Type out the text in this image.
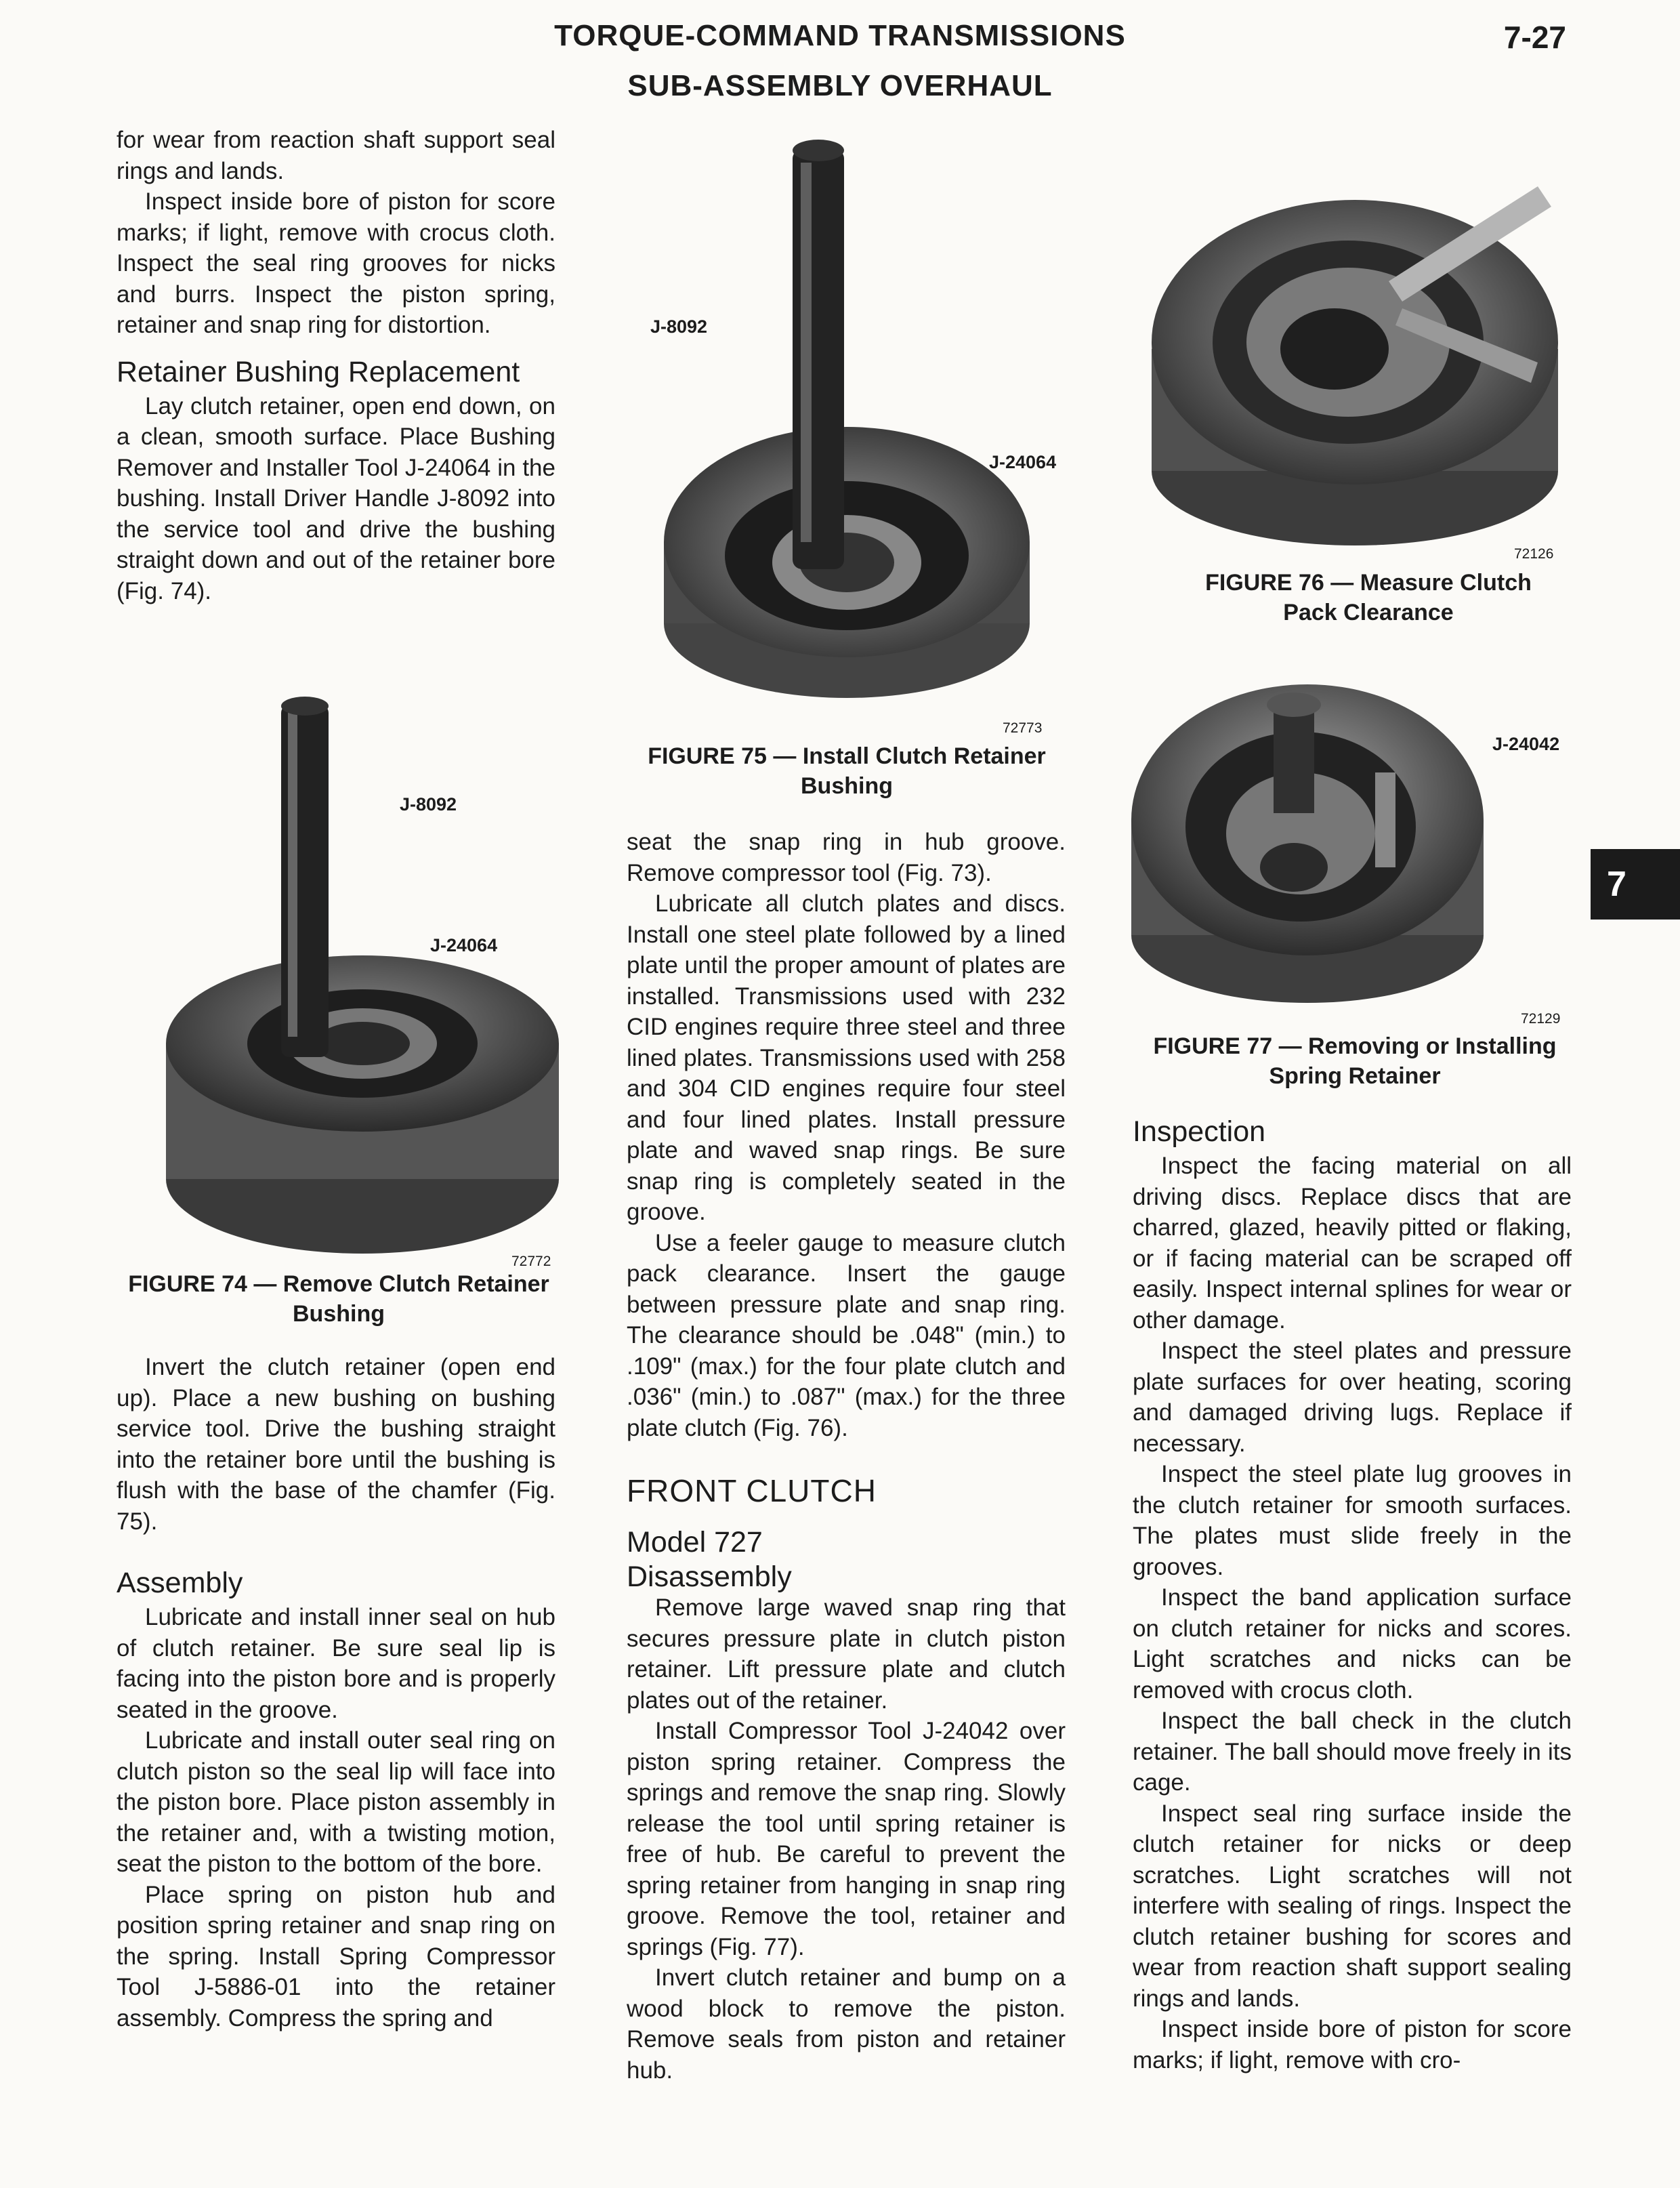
TORQUE-COMMAND TRANSMISSIONS
SUB-ASSEMBLY OVERHAUL
7-27
7

for wear from reaction shaft support seal rings and lands.

Inspect inside bore of piston for score marks; if light, remove with crocus cloth. Inspect the seal ring grooves for nicks and burrs. Inspect the piston spring, retainer and snap ring for distortion.

Retainer Bushing Replacement

Lay clutch retainer, open end down, on a clean, smooth surface. Place Bushing Remover and Installer Tool J-24064 in the bushing. Install Driver Handle J-8092 into the service tool and drive the bushing straight down and out of the retainer bore (Fig. 74).

J-8092
J-24064
72772
FIGURE 74 — Remove Clutch Retainer
Bushing

Invert the clutch retainer (open end up). Place a new bushing on bushing service tool. Drive the bushing straight into the retainer bore until the bushing is flush with the base of the chamfer (Fig. 75).

Assembly

Lubricate and install inner seal on hub of clutch retainer. Be sure seal lip is facing into the piston bore and is properly seated in the groove.

Lubricate and install outer seal ring on clutch piston so the seal lip will face into the piston bore. Place piston assembly in the retainer and, with a twisting motion, seat the piston to the bottom of the bore.

Place spring on piston hub and position spring retainer and snap ring on the spring. Install Spring Compressor Tool J-5886-01 into the retainer assembly. Compress the spring and

J-8092
J-24064
72773
FIGURE 75 — Install Clutch Retainer
Bushing

seat the snap ring in hub groove. Remove compressor tool (Fig. 73).

Lubricate all clutch plates and discs. Install one steel plate followed by a lined plate until the proper amount of plates are installed. Transmissions used with 232 CID engines require three steel and three lined plates. Transmissions used with 258 and 304 CID engines require four steel and four lined plates. Install pressure plate and waved snap rings. Be sure snap ring is completely seated in the groove.

Use a feeler gauge to measure clutch pack clearance. Insert the gauge between pressure plate and snap ring. The clearance should be .048" (min.) to .109" (max.) for the four plate clutch and .036" (min.) to .087" (max.) for the three plate clutch (Fig. 76).

FRONT CLUTCH
Model 727
Disassembly

Remove large waved snap ring that secures pressure plate in clutch piston retainer. Lift pressure plate and clutch plates out of the retainer.

Install Compressor Tool J-24042 over piston spring retainer. Compress the springs and remove the snap ring. Slowly release the tool until spring retainer is free of hub. Be careful to prevent the spring retainer from hanging in snap ring groove. Remove the tool, retainer and springs (Fig. 77).

Invert clutch retainer and bump on a wood block to remove the piston. Remove seals from piston and retainer hub.

72126
FIGURE 76 — Measure Clutch
Pack Clearance
J-24042
72129
FIGURE 77 — Removing or Installing
Spring Retainer
Inspection

Inspect the facing material on all driving discs. Replace discs that are charred, glazed, heavily pitted or flaking, or if facing material can be scraped off easily. Inspect internal splines for wear or other damage.

Inspect the steel plates and pressure plate surfaces for over heating, scoring and damaged driving lugs. Replace if necessary.

Inspect the steel plate lug grooves in the clutch retainer for smooth surfaces. The plates must slide freely in the grooves.

Inspect the band application surface on clutch retainer for nicks and scores. Light scratches and nicks can be removed with crocus cloth.

Inspect the ball check in the clutch retainer. The ball should move freely in its cage.

Inspect seal ring surface inside the clutch retainer for nicks or deep scratches. Light scratches will not interfere with sealing of rings. Inspect the clutch retainer bushing for scores and wear from reaction shaft support sealing rings and lands.

Inspect inside bore of piston for score marks; if light, remove with cro-
